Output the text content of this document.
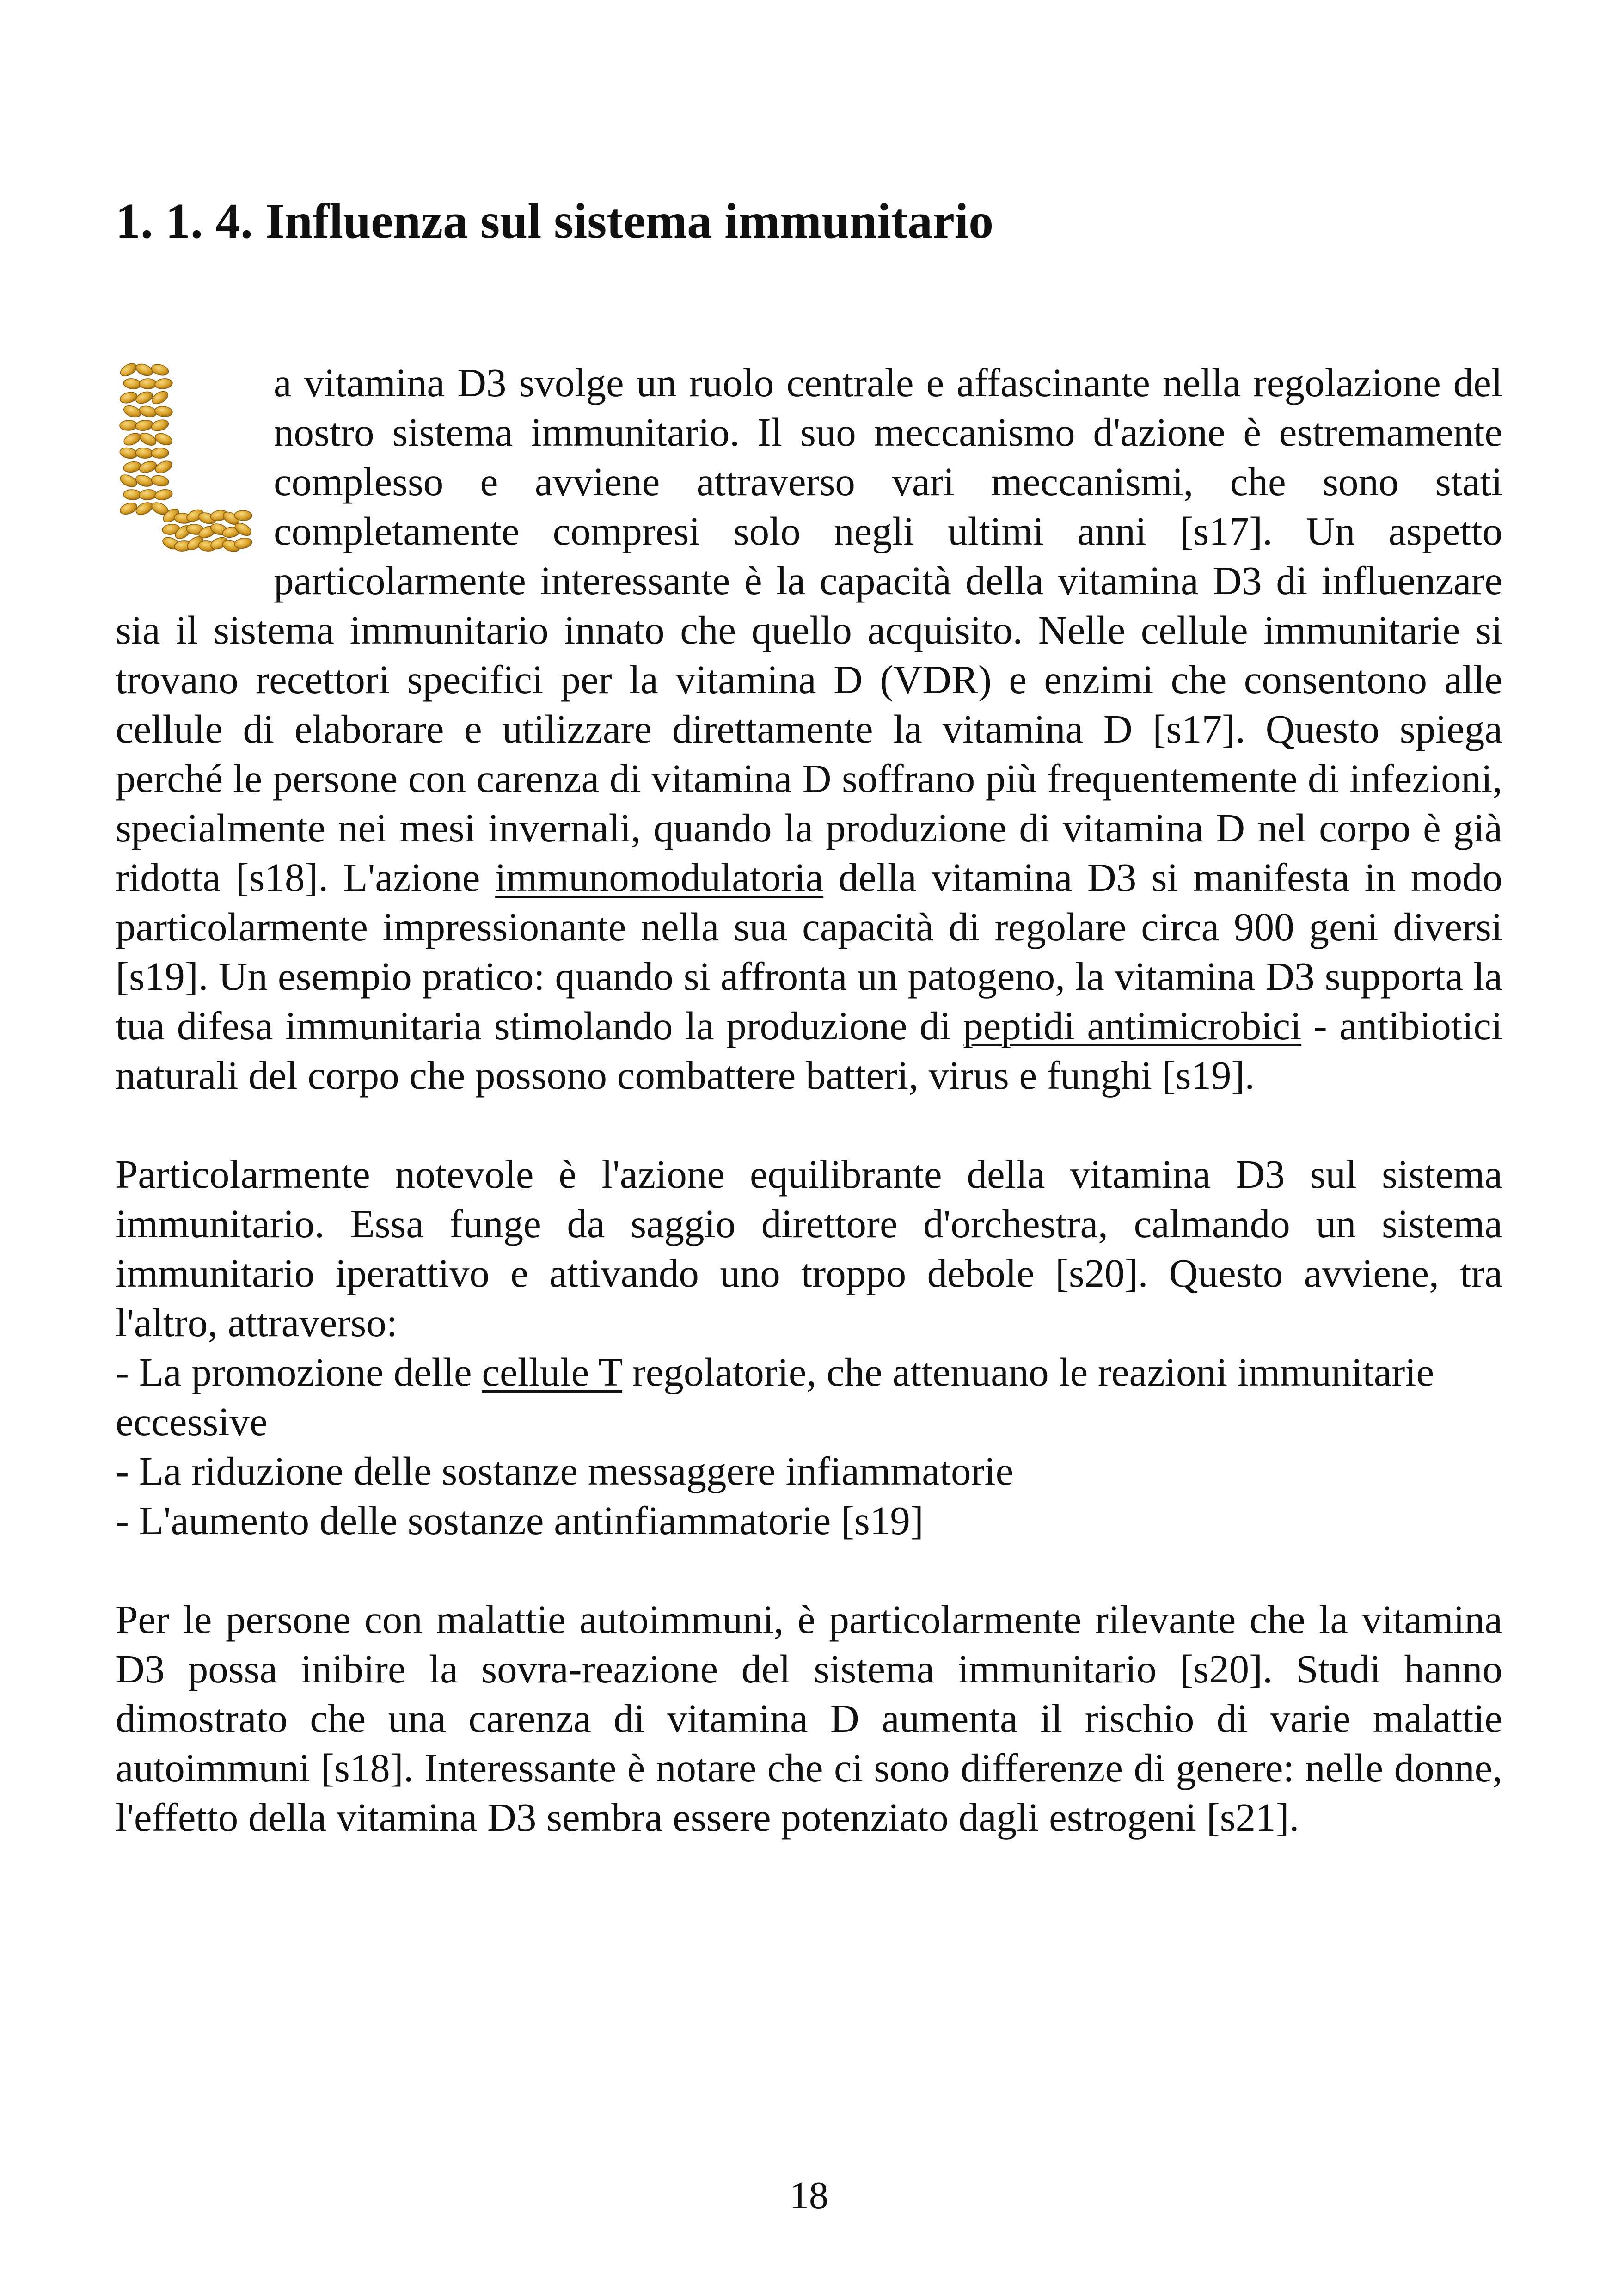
1. 1. 4. Influenza sul sistema immunitario
a vitamina D3 svolge un ruolo centrale e affascinante nella regolazione del nostro sistema immunitario. Il suo meccanismo d'azione è estremamente complesso e avviene attraverso vari meccanismi, che sono stati completamente compresi solo negli ultimi anni [s17]. Un aspetto particolarmente interessante è la capacità della vitamina D3 di influenzare sia il sistema immunitario innato che quello acquisito. Nelle cellule immunitarie si trovano recettori specifici per la vitamina D (VDR) e enzimi che consentono alle cellule di elaborare e utilizzare direttamente la vitamina D [s17]. Questo spiega perché le persone con carenza di vitamina D soffrano più frequentemente di infezioni, specialmente nei mesi invernali, quando la produzione di vitamina D nel corpo è già ridotta [s18]. L'azione immunomodulatoria della vitamina D3 si manifesta in modo particolarmente impressionante nella sua capacità di regolare circa 900 geni diversi [s19]. Un esempio pratico: quando si affronta un patogeno, la vitamina D3 supporta la tua difesa immunitaria stimolando la produzione di peptidi antimicrobici - antibiotici naturali del corpo che possono combattere batteri, virus e funghi [s19].
Particolarmente notevole è l'azione equilibrante della vitamina D3 sul sistema immunitario. Essa funge da saggio direttore d'orchestra, calmando un sistema immunitario iperattivo e attivando uno troppo debole [s20]. Questo avviene, tra l'altro, attraverso:
- La promozione delle cellule T regolatorie, che attenuano le reazioni immunitarie eccessive
- La riduzione delle sostanze messaggere infiammatorie
- L'aumento delle sostanze antinfiammatorie [s19]
Per le persone con malattie autoimmuni, è particolarmente rilevante che la vitamina D3 possa inibire la sovra-reazione del sistema immunitario [s20]. Studi hanno dimostrato che una carenza di vitamina D aumenta il rischio di varie malattie autoimmuni [s18]. Interessante è notare che ci sono differenze di genere: nelle donne, l'effetto della vitamina D3 sembra essere potenziato dagli estrogeni [s21].
18
